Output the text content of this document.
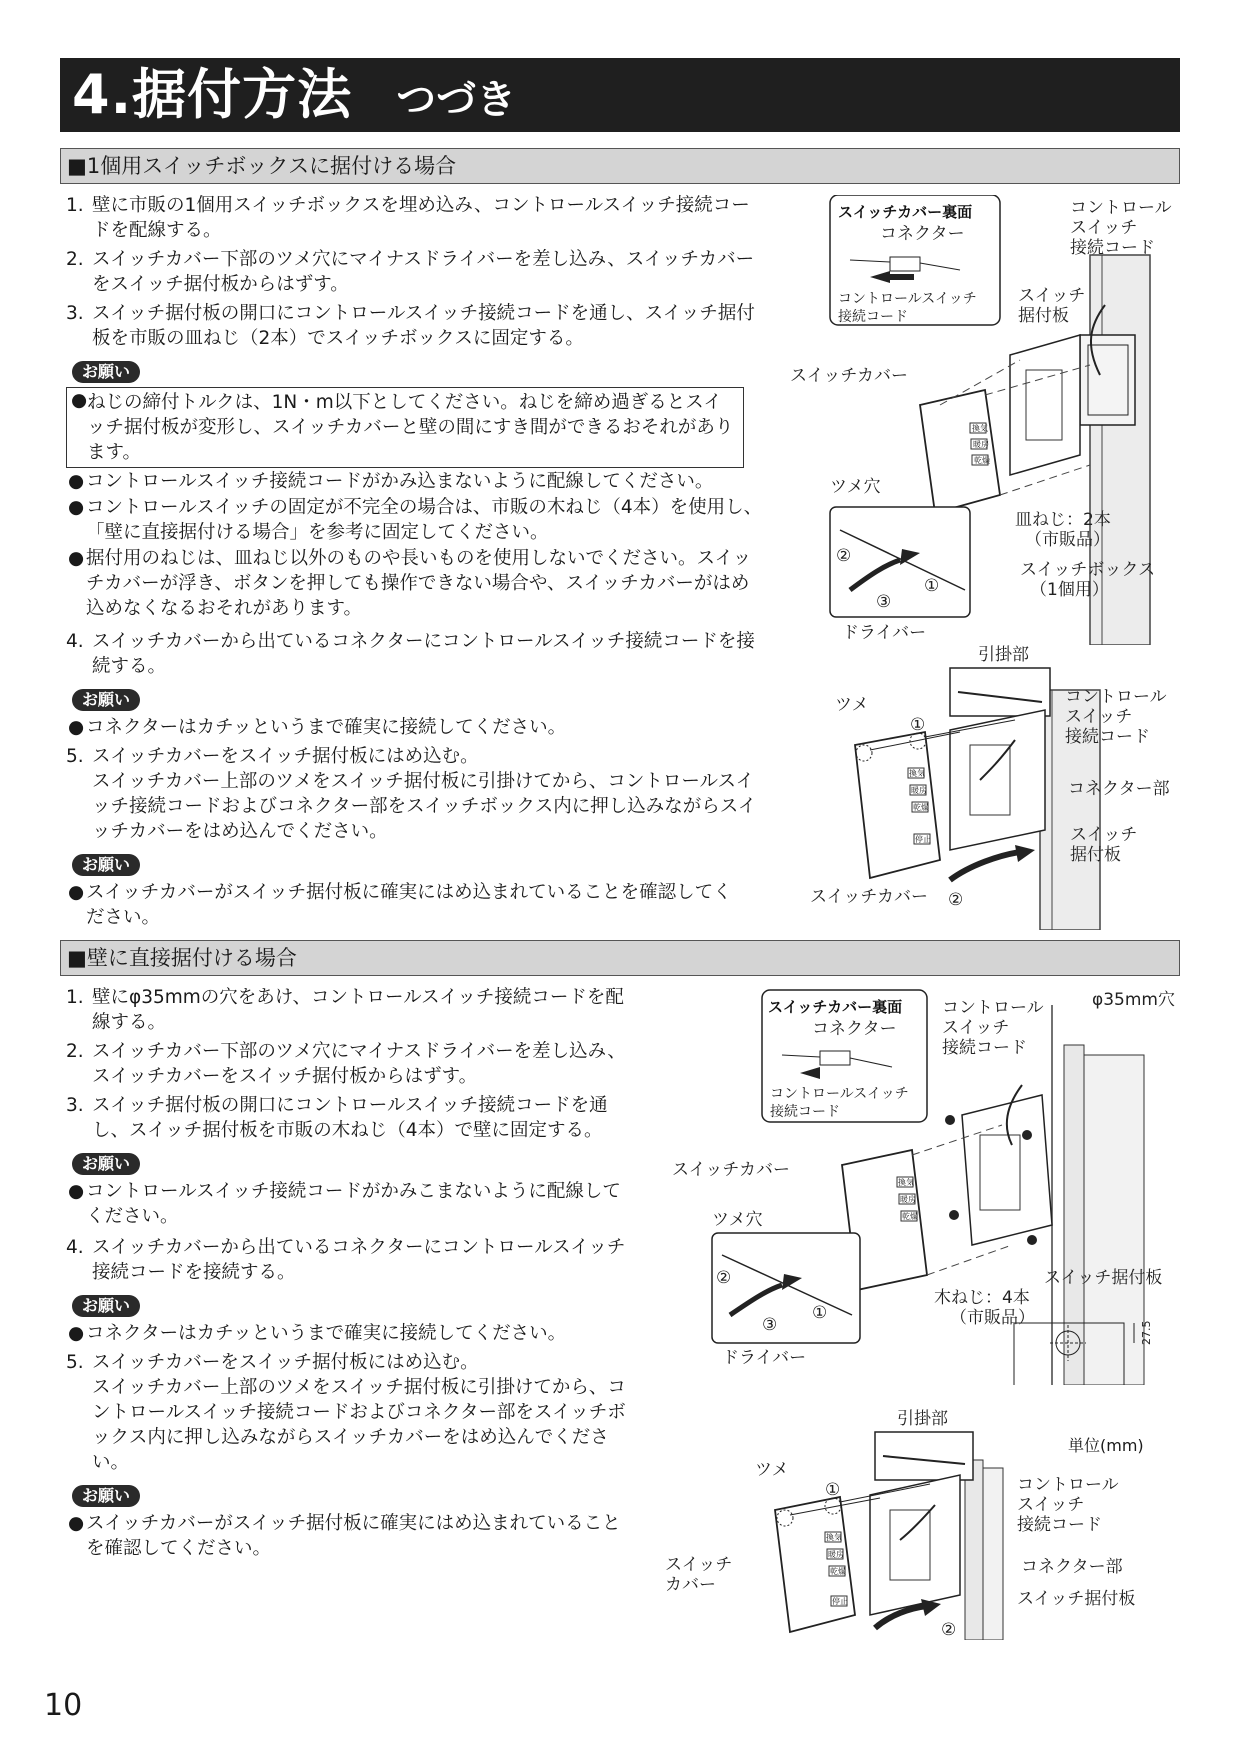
4.据付方法 つづき
■1個用スイッチボックスに据付ける場合

1. 壁に市販の1個用スイッチボックスを埋め込み、コントロールスイッチ接続コードを配線する。

2. スイッチカバー下部のツメ穴にマイナスドライバーを差し込み、スイッチカバーをスイッチ据付板からはずす。

3. スイッチ据付板の開口にコントロールスイッチ接続コードを通し、スイッチ据付板を市販の皿ねじ（2本）でスイッチボックスに固定する。

お願い

● ねじの締付トルクは、1N・m以下としてください。ねじを締め過ぎるとスイッチ据付板が変形し、スイッチカバーと壁の間にすき間ができるおそれがあります。

● コントロールスイッチ接続コードがかみ込まないように配線してください。

● コントロールスイッチの固定が不完全の場合は、市販の木ねじ（4本）を使用し、「壁に直接据付ける場合」を参考に固定してください。

● 据付用のねじは、皿ねじ以外のものや長いものを使用しないでください。スイッチカバーが浮き、ボタンを押しても操作できない場合や、スイッチカバーがはめ込めなくなるおそれがあります。

4. スイッチカバーから出ているコネクターにコントロールスイッチ接続コードを接続する。

お願い

● コネクターはカチッというまで確実に接続してください。

5. スイッチカバーをスイッチ据付板にはめ込む。
スイッチカバー上部のツメをスイッチ据付板に引掛けてから、コントロールスイッチ接続コードおよびコネクター部をスイッチボックス内に押し込みながらスイッチカバーをはめ込んでください。

お願い

● スイッチカバーがスイッチ据付板に確実にはめ込まれていることを確認してください。

換気
暖房
乾燥
スイッチカバー裏面
コネクター
コントロールスイッチ
接続コード
コントロール
スイッチ
接続コード
スイッチ
据付板
スイッチカバー
ツメ穴
皿ねじ：2本
（市販品）
スイッチボックス
（1個用）
②
①
③
ドライバー
換気
暖房
乾燥
停止
引掛部
ツメ
①
コントロール
スイッチ
接続コード
コネクター部
スイッチ
据付板
スイッチカバー ②
■壁に直接据付ける場合

1. 壁にφ35mmの穴をあけ、コントロールスイッチ接続コードを配線する。

2. スイッチカバー下部のツメ穴にマイナスドライバーを差し込み、スイッチカバーをスイッチ据付板からはずす。

3. スイッチ据付板の開口にコントロールスイッチ接続コードを通し、スイッチ据付板を市販の木ねじ（4本）で壁に固定する。

お願い

● コントロールスイッチ接続コードがかみこまないように配線してください。

4. スイッチカバーから出ているコネクターにコントロールスイッチ接続コードを接続する。

お願い

● コネクターはカチッというまで確実に接続してください。

5. スイッチカバーをスイッチ据付板にはめ込む。
スイッチカバー上部のツメをスイッチ据付板に引掛けてから、コントロールスイッチ接続コードおよびコネクター部をスイッチボックス内に押し込みながらスイッチカバーをはめ込んでください。

お願い

● スイッチカバーがスイッチ据付板に確実にはめ込まれていることを確認してください。

換気
暖房
乾燥
スイッチカバー裏面
コネクター
コントロールスイッチ
接続コード
コントロール
スイッチ
接続コード
φ35mm穴
スイッチカバー
ツメ穴
木ねじ：4本
（市販品）
スイッチ据付板
②
①
③
ドライバー
27.5
単位(mm)
換気
暖房
乾燥
停止
引掛部
ツメ
①	コントロール
スイッチ
接続コード
コネクター部
スイッチ据付板
スイッチ
カバー
②
10
